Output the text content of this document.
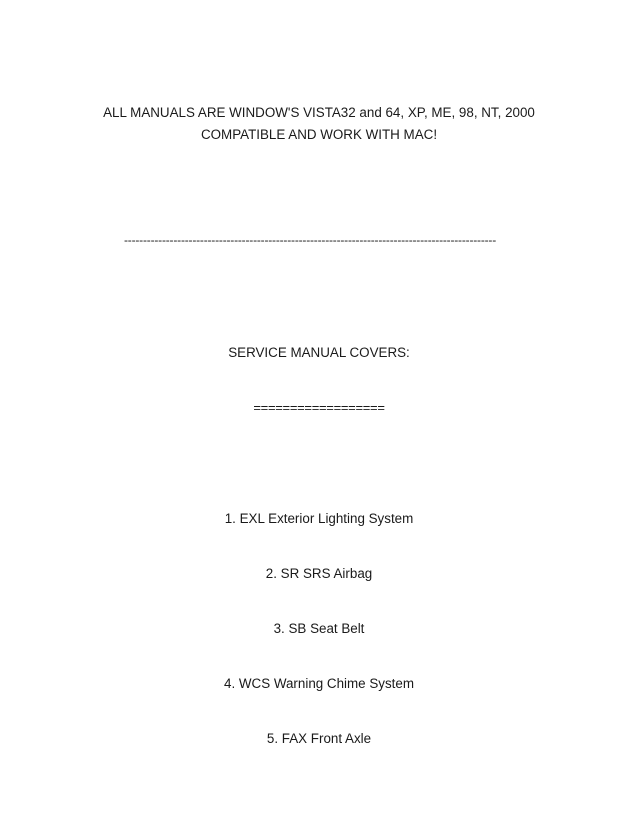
ALL MANUALS ARE WINDOW'S VISTA32 and 64, XP, ME, 98, NT, 2000
COMPATIBLE AND WORK WITH MAC!
--------------------------------------------------------------------------------------------------
SERVICE MANUAL COVERS:
==================
1. EXL Exterior Lighting System
2. SR SRS Airbag
3. SB Seat Belt
4. WCS Warning Chime System
5. FAX Front Axle
